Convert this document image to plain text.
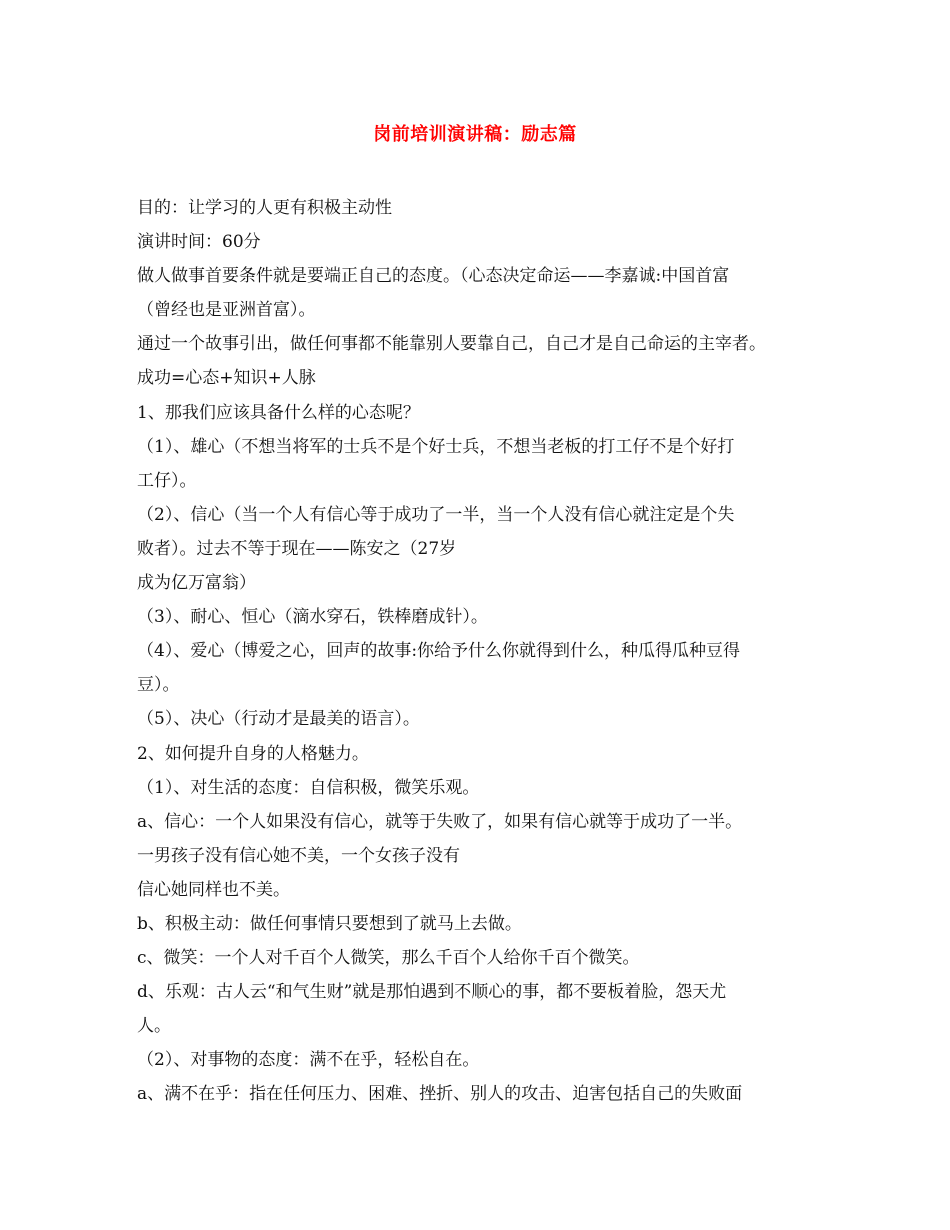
岗前培训演讲稿：励志篇
目的：让学习的人更有积极主动性
演讲时间：60分
做人做事首要条件就是要端正自己的态度。（心态决定命运——李嘉诚:中国首富
（曾经也是亚洲首富）。
通过一个故事引出，做任何事都不能靠别人要靠自己，自己才是自己命运的主宰者。
成功=心态+知识+人脉
1、那我们应该具备什么样的心态呢？
（1）、雄心（不想当将军的士兵不是个好士兵，不想当老板的打工仔不是个好打
工仔）。
（2）、信心（当一个人有信心等于成功了一半，当一个人没有信心就注定是个失
败者）。过去不等于现在——陈安之（27岁
成为亿万富翁）
（3）、耐心、恒心（滴水穿石，铁棒磨成针）。
（4）、爱心（博爱之心，回声的故事:你给予什么你就得到什么，种瓜得瓜种豆得
豆）。
（5）、决心（行动才是最美的语言）。
2、如何提升自身的人格魅力。
（1）、对生活的态度：自信积极，微笑乐观。
a、信心：一个人如果没有信心，就等于失败了，如果有信心就等于成功了一半。
一男孩子没有信心她不美，一个女孩子没有
信心她同样也不美。
b、积极主动：做任何事情只要想到了就马上去做。
c、微笑：一个人对千百个人微笑，那么千百个人给你千百个微笑。
d、乐观：古人云“和气生财”就是那怕遇到不顺心的事，都不要板着脸，怨天尤
人。
（2）、对事物的态度：满不在乎，轻松自在。
a、满不在乎：指在任何压力、困难、挫折、别人的攻击、迫害包括自己的失败面
